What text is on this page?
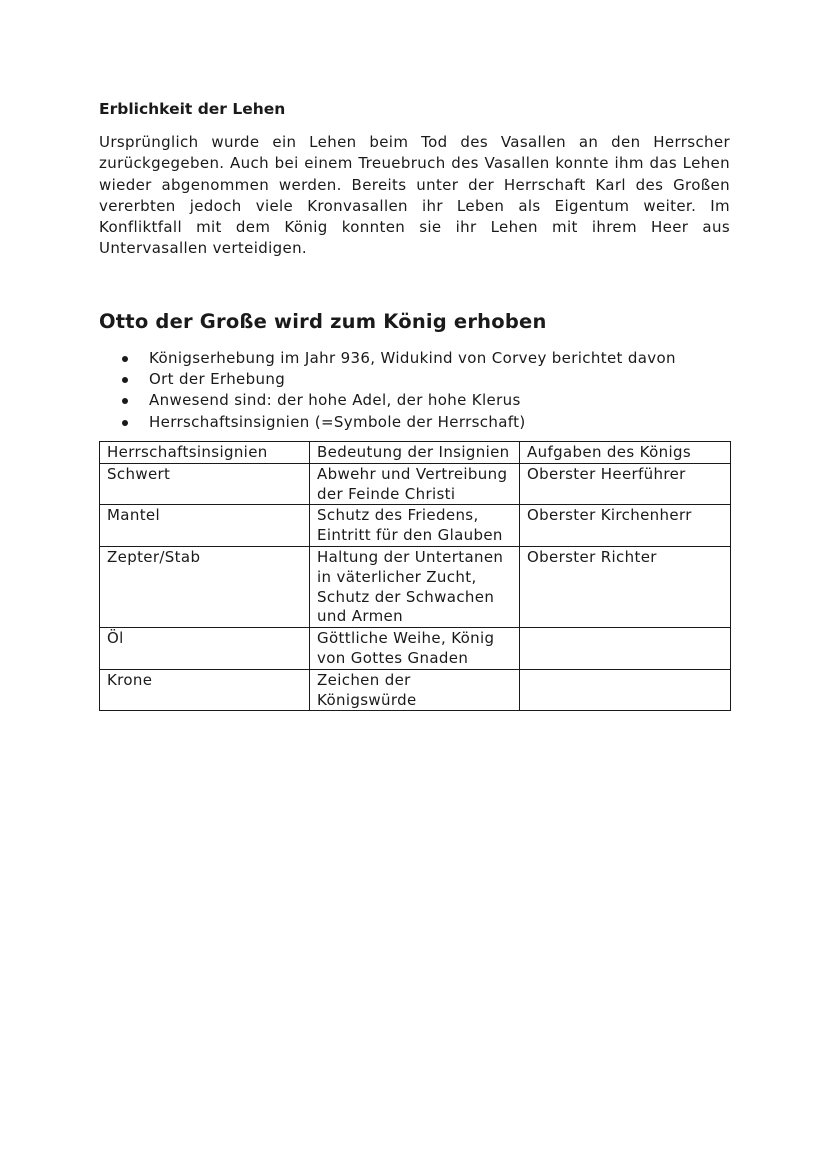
Erblichkeit der Lehen

Ursprünglich wurde ein Lehen beim Tod des Vasallen an den Herrscher zurückgegeben. Auch bei einem Treuebruch des Vasallen konnte ihm das Lehen wieder abgenommen werden. Bereits unter der Herrschaft Karl des Großen vererbten jedoch viele Kronvasallen ihr Leben als Eigentum weiter. Im Konfliktfall mit dem König konnten sie ihr Lehen mit ihrem Heer aus Untervasallen verteidigen.

Otto der Große wird zum König erhoben
Königserhebung im Jahr 936, Widukind von Corvey berichtet davon
Ort der Erhebung
Anwesend sind: der hohe Adel, der hohe Klerus
Herrschaftsinsignien (=Symbole der Herrschaft)
Herrschaftsinsignien	Bedeutung der Insignien	Aufgaben des Königs
Schwert	Abwehr und Vertreibung der Feinde Christi	Oberster Heerführer
Mantel	Schutz des Friedens, Eintritt für den Glauben	Oberster Kirchenherr
Zepter/Stab	Haltung der Untertanen in väterlicher Zucht, Schutz der Schwachen und Armen	Oberster Richter
Öl	Göttliche Weihe, König von Gottes Gnaden	
Krone	Zeichen der Königswürde	
